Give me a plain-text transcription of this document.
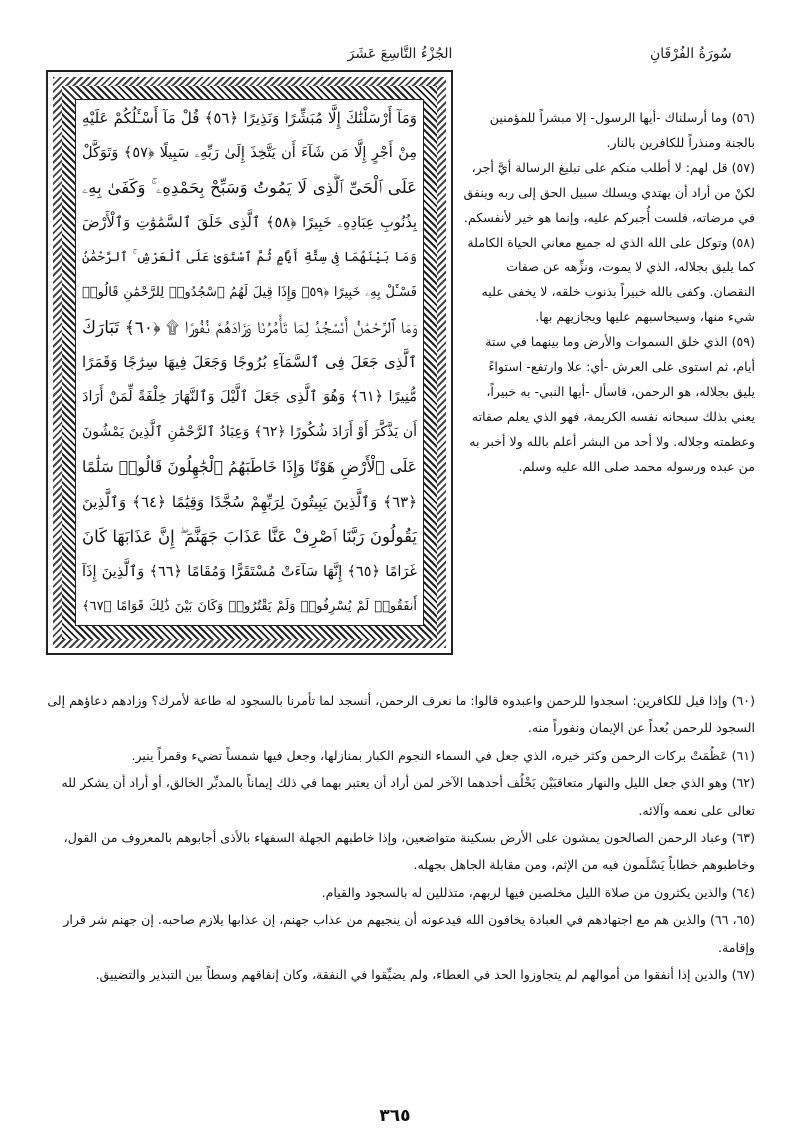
سُورَةُ الفُرْقَانِ
الجُزْءُ التَّاسِعَ عَشَرَ
وَمَآ أَرْسَلْنَٰكَ إِلَّا مُبَشِّرًا وَنَذِيرًا ﴿٥٦﴾ قُلْ مَآ أَسْـَٔلُكُمْ عَلَيْهِ
مِنْ أَجْرٍ إِلَّا مَن شَآءَ أَن يَتَّخِذَ إِلَىٰ رَبِّهِۦ سَبِيلًا ﴿٥٧﴾ وَتَوَكَّلْ
عَلَى ٱلْحَىِّ ٱلَّذِى لَا يَمُوتُ وَسَبِّحْ بِحَمْدِهِۦ ۚ وَكَفَىٰ بِهِۦ
بِذُنُوبِ عِبَادِهِۦ خَبِيرًا ﴿٥٨﴾ ٱلَّذِى خَلَقَ ٱلسَّمَٰوَٰتِ وَٱلْأَرْضَ
وَمَا بَيْنَهُمَا فِى سِتَّةِ أَيَّامٍ ثُمَّ ٱسْتَوَىٰ عَلَى ٱلْعَرْشِ ۚ ٱلرَّحْمَٰنُ
فَسْـَٔلْ بِهِۦ خَبِيرًا ﴿٥٩﴾ وَإِذَا قِيلَ لَهُمُ ٱسْجُدُوا۟ لِلرَّحْمَٰنِ قَالُوا۟
وَمَا ٱلرَّحْمَٰنُ أَنَسْجُدُ لِمَا تَأْمُرُنَا وَزَادَهُمْ نُفُورًا ۩ ﴿٦٠﴾ تَبَارَكَ
ٱلَّذِى جَعَلَ فِى ٱلسَّمَآءِ بُرُوجًا وَجَعَلَ فِيهَا سِرَٰجًا وَقَمَرًا
مُّنِيرًا ﴿٦١﴾ وَهُوَ ٱلَّذِى جَعَلَ ٱلَّيْلَ وَٱلنَّهَارَ خِلْفَةً لِّمَنْ أَرَادَ
أَن يَذَّكَّرَ أَوْ أَرَادَ شُكُورًا ﴿٦٢﴾ وَعِبَادُ ٱلرَّحْمَٰنِ ٱلَّذِينَ يَمْشُونَ
عَلَى ٱلْأَرْضِ هَوْنًا وَإِذَا خَاطَبَهُمُ ٱلْجَٰهِلُونَ قَالُوا۟ سَلَٰمًا
﴿٦٣﴾ وَٱلَّذِينَ يَبِيتُونَ لِرَبِّهِمْ سُجَّدًا وَقِيَٰمًا ﴿٦٤﴾ وَٱلَّذِينَ
يَقُولُونَ رَبَّنَا ٱصْرِفْ عَنَّا عَذَابَ جَهَنَّمَ ۖ إِنَّ عَذَابَهَا كَانَ
غَرَامًا ﴿٦٥﴾ إِنَّهَا سَآءَتْ مُسْتَقَرًّا وَمُقَامًا ﴿٦٦﴾ وَٱلَّذِينَ إِذَآ
أَنفَقُوا۟ لَمْ يُسْرِفُوا۟ وَلَمْ يَقْتُرُوا۟ وَكَانَ بَيْنَ ذَٰلِكَ قَوَامًا ﴿٦٧﴾

(٥٦) وما أرسلناك -أيها الرسول- إلا مبشراً للمؤمنين بالجنة ومنذراً للكافرين بالنار.

(٥٧) قل لهم: لا أطلب منكم على تبليغ الرسالة أيَّ أجر، لكنْ من أراد أن يهتدي ويسلك سبيل الحق إلى ربه وينفق في مرضاته، فلست أُجبركم عليه، وإنما هو خير لأنفسكم.

(٥٨) وتوكل على الله الذي له جميع معاني الحياة الكاملة كما يليق بجلاله، الذي لا يموت، ونزِّهه عن صفات النقصان. وكفى بالله خبيراً بذنوب خلقه، لا يخفى عليه شيء منها، وسيحاسبهم عليها ويجازيهم بها.

(٥٩) الذي خلق السموات والأرض وما بينهما في ستة أيام، ثم استوى على العرش -أي: علا وارتفع- استواءً يليق بجلاله، هو الرحمن، فاسأل -أيها النبي- به خبيراً، يعني بذلك سبحانه نفسه الكريمة، فهو الذي يعلم صفاته وعظمته وجلاله. ولا أحد من البشر أعلم بالله ولا أخبر به من عبده ورسوله محمد صلى الله عليه وسلم.

(٦٠) وإذا قيل للكافرين: اسجدوا للرحمن واعبدوه قالوا: ما نعرف الرحمن، أنسجد لما تأمرنا بالسجود له طاعة لأمرك؟ وزادهم دعاؤهم إلى السجود للرحمن بُعداً عن الإيمان ونفوراً منه.

(٦١) عَظُمَتْ بركات الرحمن وكثر خيره، الذي جعل في السماء النجوم الكبار بمنازلها، وجعل فيها شمساً تضيء وقمراً ينير.

(٦٢) وهو الذي جعل الليل والنهار متعاقبَيْن يَخْلُف أحدهما الآخر لمن أراد أن يعتبر بهما في ذلك إيماناً بالمدبِّر الخالق، أو أراد أن يشكر لله تعالى على نعمه وآلائه.

(٦٣) وعباد الرحمن الصالحون يمشون على الأرض بسكينة متواضعين، وإذا خاطبهم الجهلة السفهاء بالأذى أجابوهم بالمعروف من القول، وخاطبوهم خطاباً يَسْلَمون فيه من الإثم، ومن مقابلة الجاهل بجهله.

(٦٤) والذين يكثرون من صلاة الليل مخلصين فيها لربهم، متذللين له بالسجود والقيام.

(٦٥، ٦٦) والذين هم مع اجتهادهم في العبادة يخافون الله فيدعونه أن ينجيهم من عذاب جهنم، إن عذابها يلازم صاحبه. إن جهنم شر قرار وإقامة.

(٦٧) والذين إذا أنفقوا من أموالهم لم يتجاوزوا الحد في العطاء، ولم يضيِّقوا في النفقة، وكان إنفاقهم وسطاً بين التبذير والتضييق.

٣٦٥
